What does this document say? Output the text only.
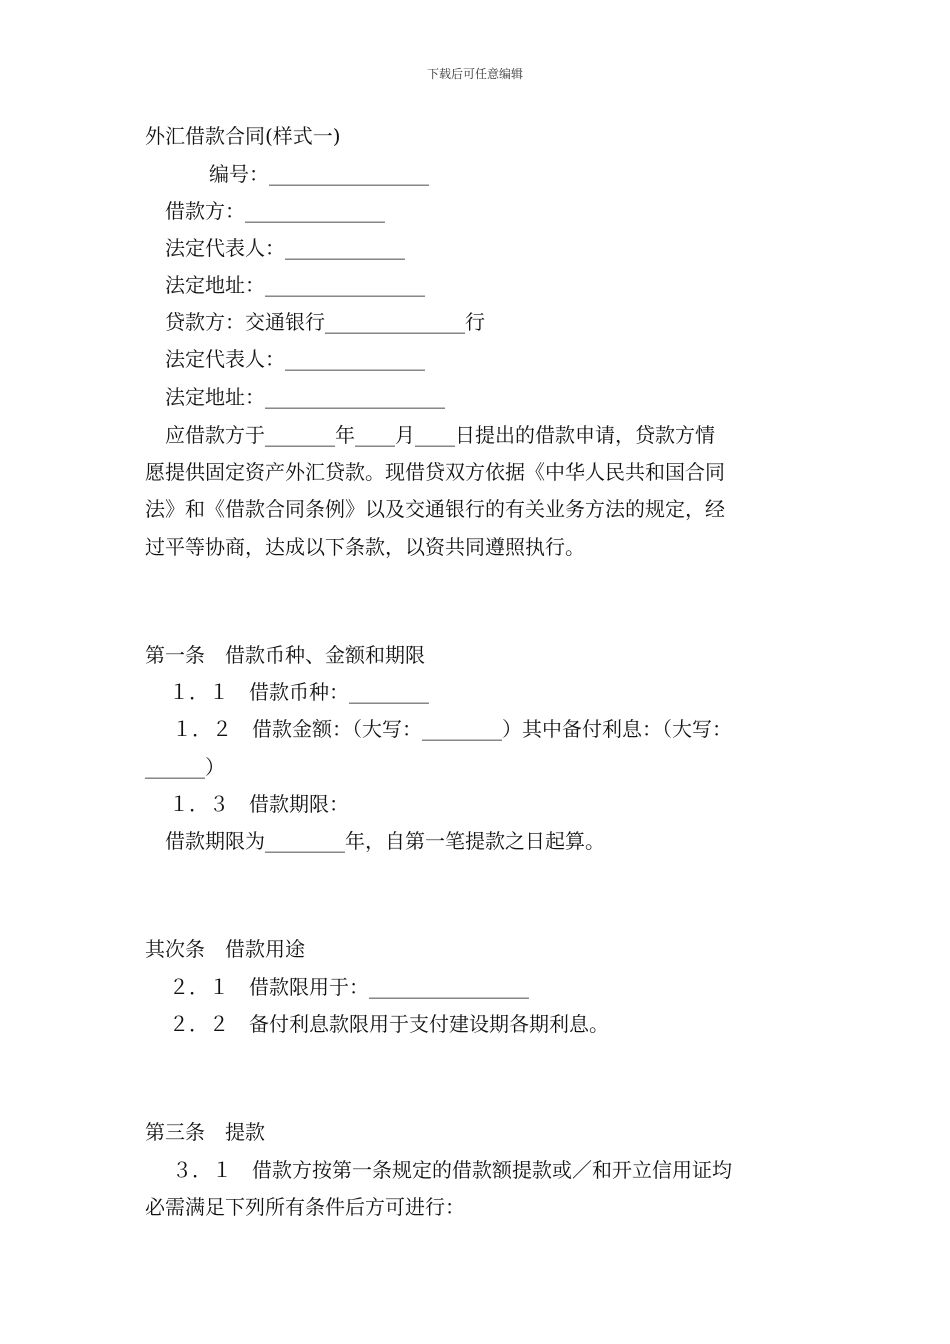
下载后可任意编辑
外汇借款合同(样式一)
编号：________________
借款方：______________
法定代表人：____________
法定地址：________________
贷款方：交通银行______________行
法定代表人：______________
法定地址：__________________
应借款方于_______年____月____日提出的借款申请，贷款方情
愿提供固定资产外汇贷款。现借贷双方依据《中华人民共和国合同
法》和《借款合同条例》以及交通银行的有关业务方法的规定，经
过平等协商，达成以下条款，以资共同遵照执行。
第一条　借款币种、金额和期限
１．１　借款币种：________
１．２　借款金额：（大写：________）其中备付利息：（大写：
______）
１．３　借款期限：
借款期限为________年，自第一笔提款之日起算。
其次条　借款用途
２．１　借款限用于：________________
２．２　备付利息款限用于支付建设期各期利息。
第三条　提款
３．１　借款方按第一条规定的借款额提款或／和开立信用证均
必需满足下列所有条件后方可进行：
